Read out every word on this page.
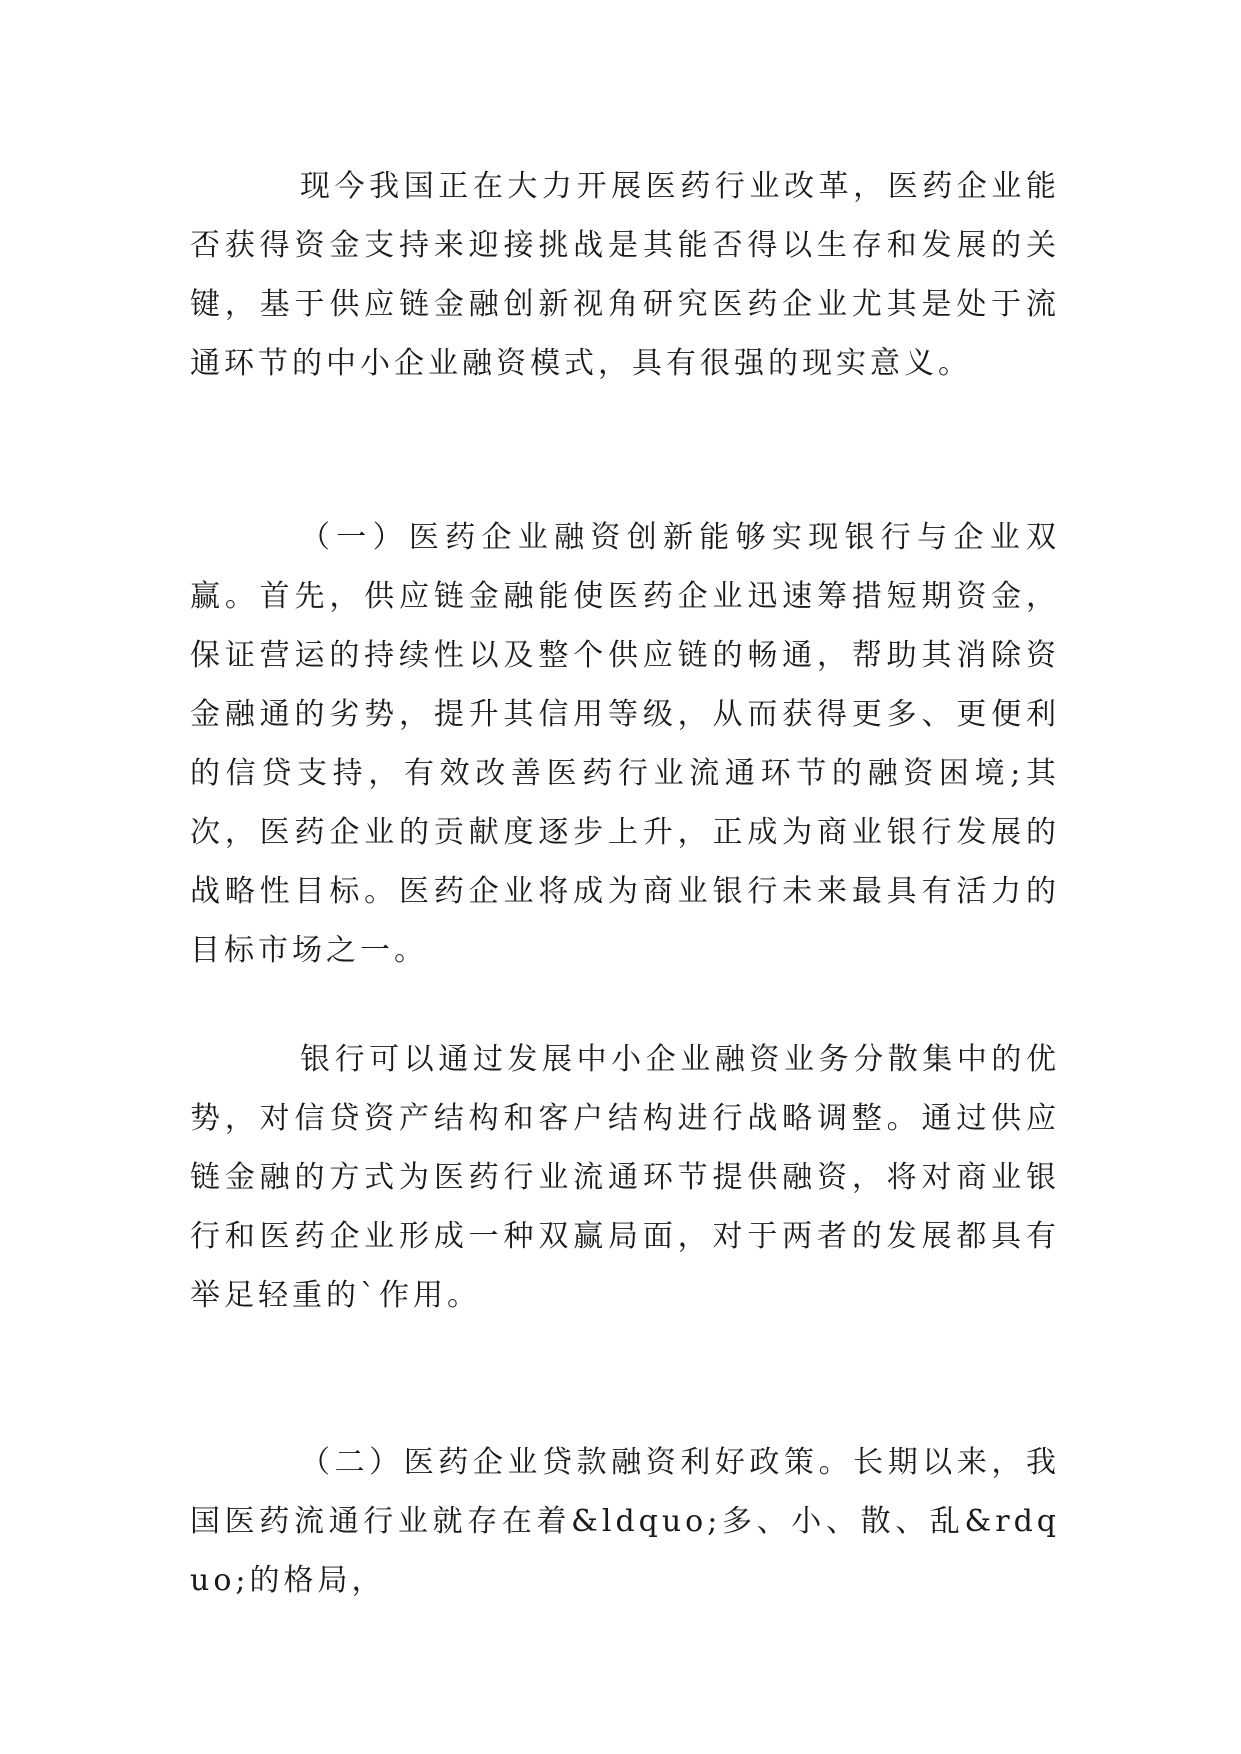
现今我国正在大力开展医药行业改革，医药企业能否获得资金支持来迎接挑战是其能否得以生存和发展的关键，基于供应链金融创新视角研究医药企业尤其是处于流通环节的中小企业融资模式，具有很强的现实意义。

（一）医药企业融资创新能够实现银行与企业双赢。首先，供应链金融能使医药企业迅速筹措短期资金，保证营运的持续性以及整个供应链的畅通，帮助其消除资金融通的劣势，提升其信用等级，从而获得更多、更便利的信贷支持，有效改善医药行业流通环节的融资困境;其次，医药企业的贡献度逐步上升，正成为商业银行发展的战略性目标。医药企业将成为商业银行未来最具有活力的目标市场之一。

银行可以通过发展中小企业融资业务分散集中的优势，对信贷资产结构和客户结构进行战略调整。通过供应链金融的方式为医药行业流通环节提供融资，将对商业银行和医药企业形成一种双赢局面，对于两者的发展都具有举足轻重的`作用。

（二）医药企业贷款融资利好政策。长期以来，我国医药流通行业就存在着&ldquo;多、小、散、乱&rdquo;的格局，
